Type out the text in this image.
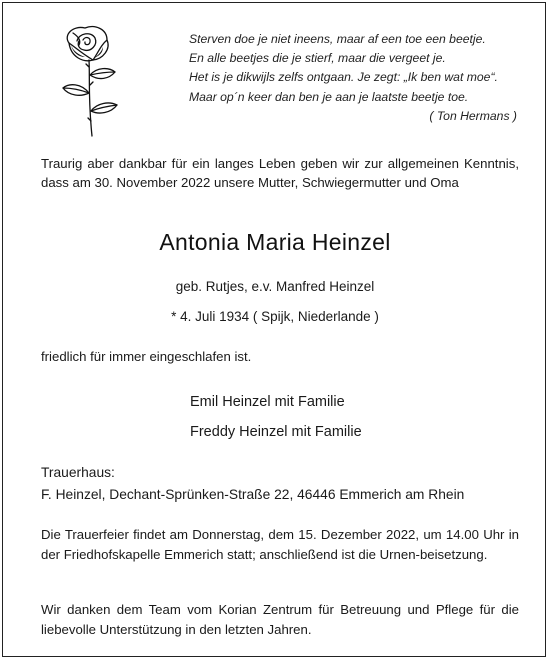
Sterven doe je niet ineens, maar af een toe een beetje.
En alle beetjes die je stierf, maar die vergeet je.
Het is je dikwijls zelfs ontgaan. Je zegt: „Ik ben wat moe“.
Maar op´n keer dan ben je aan je laatste beetje toe.
( Ton Hermans )
Traurig aber dankbar für ein langes Leben geben wir zur allgemeinen Kenntnis, dass am 30. November 2022 unsere Mutter, Schwiegermutter und Oma
Antonia Maria Heinzel
geb. Rutjes, e.v. Manfred Heinzel
* 4. Juli 1934 ( Spijk, Niederlande )
friedlich für immer eingeschlafen ist.
Emil Heinzel mit Familie
Freddy Heinzel mit Familie
Trauerhaus:
F. Heinzel, Dechant-Sprünken-Straße 22, 46446 Emmerich am Rhein
Die Trauerfeier findet am Donnerstag, dem 15. Dezember 2022, um 14.00 Uhr in der Friedhofskapelle Emmerich statt; anschließend ist die Urnen-beisetzung.
Wir danken dem Team vom Korian Zentrum für Betreuung und Pflege für die liebevolle Unterstützung in den letzten Jahren.
